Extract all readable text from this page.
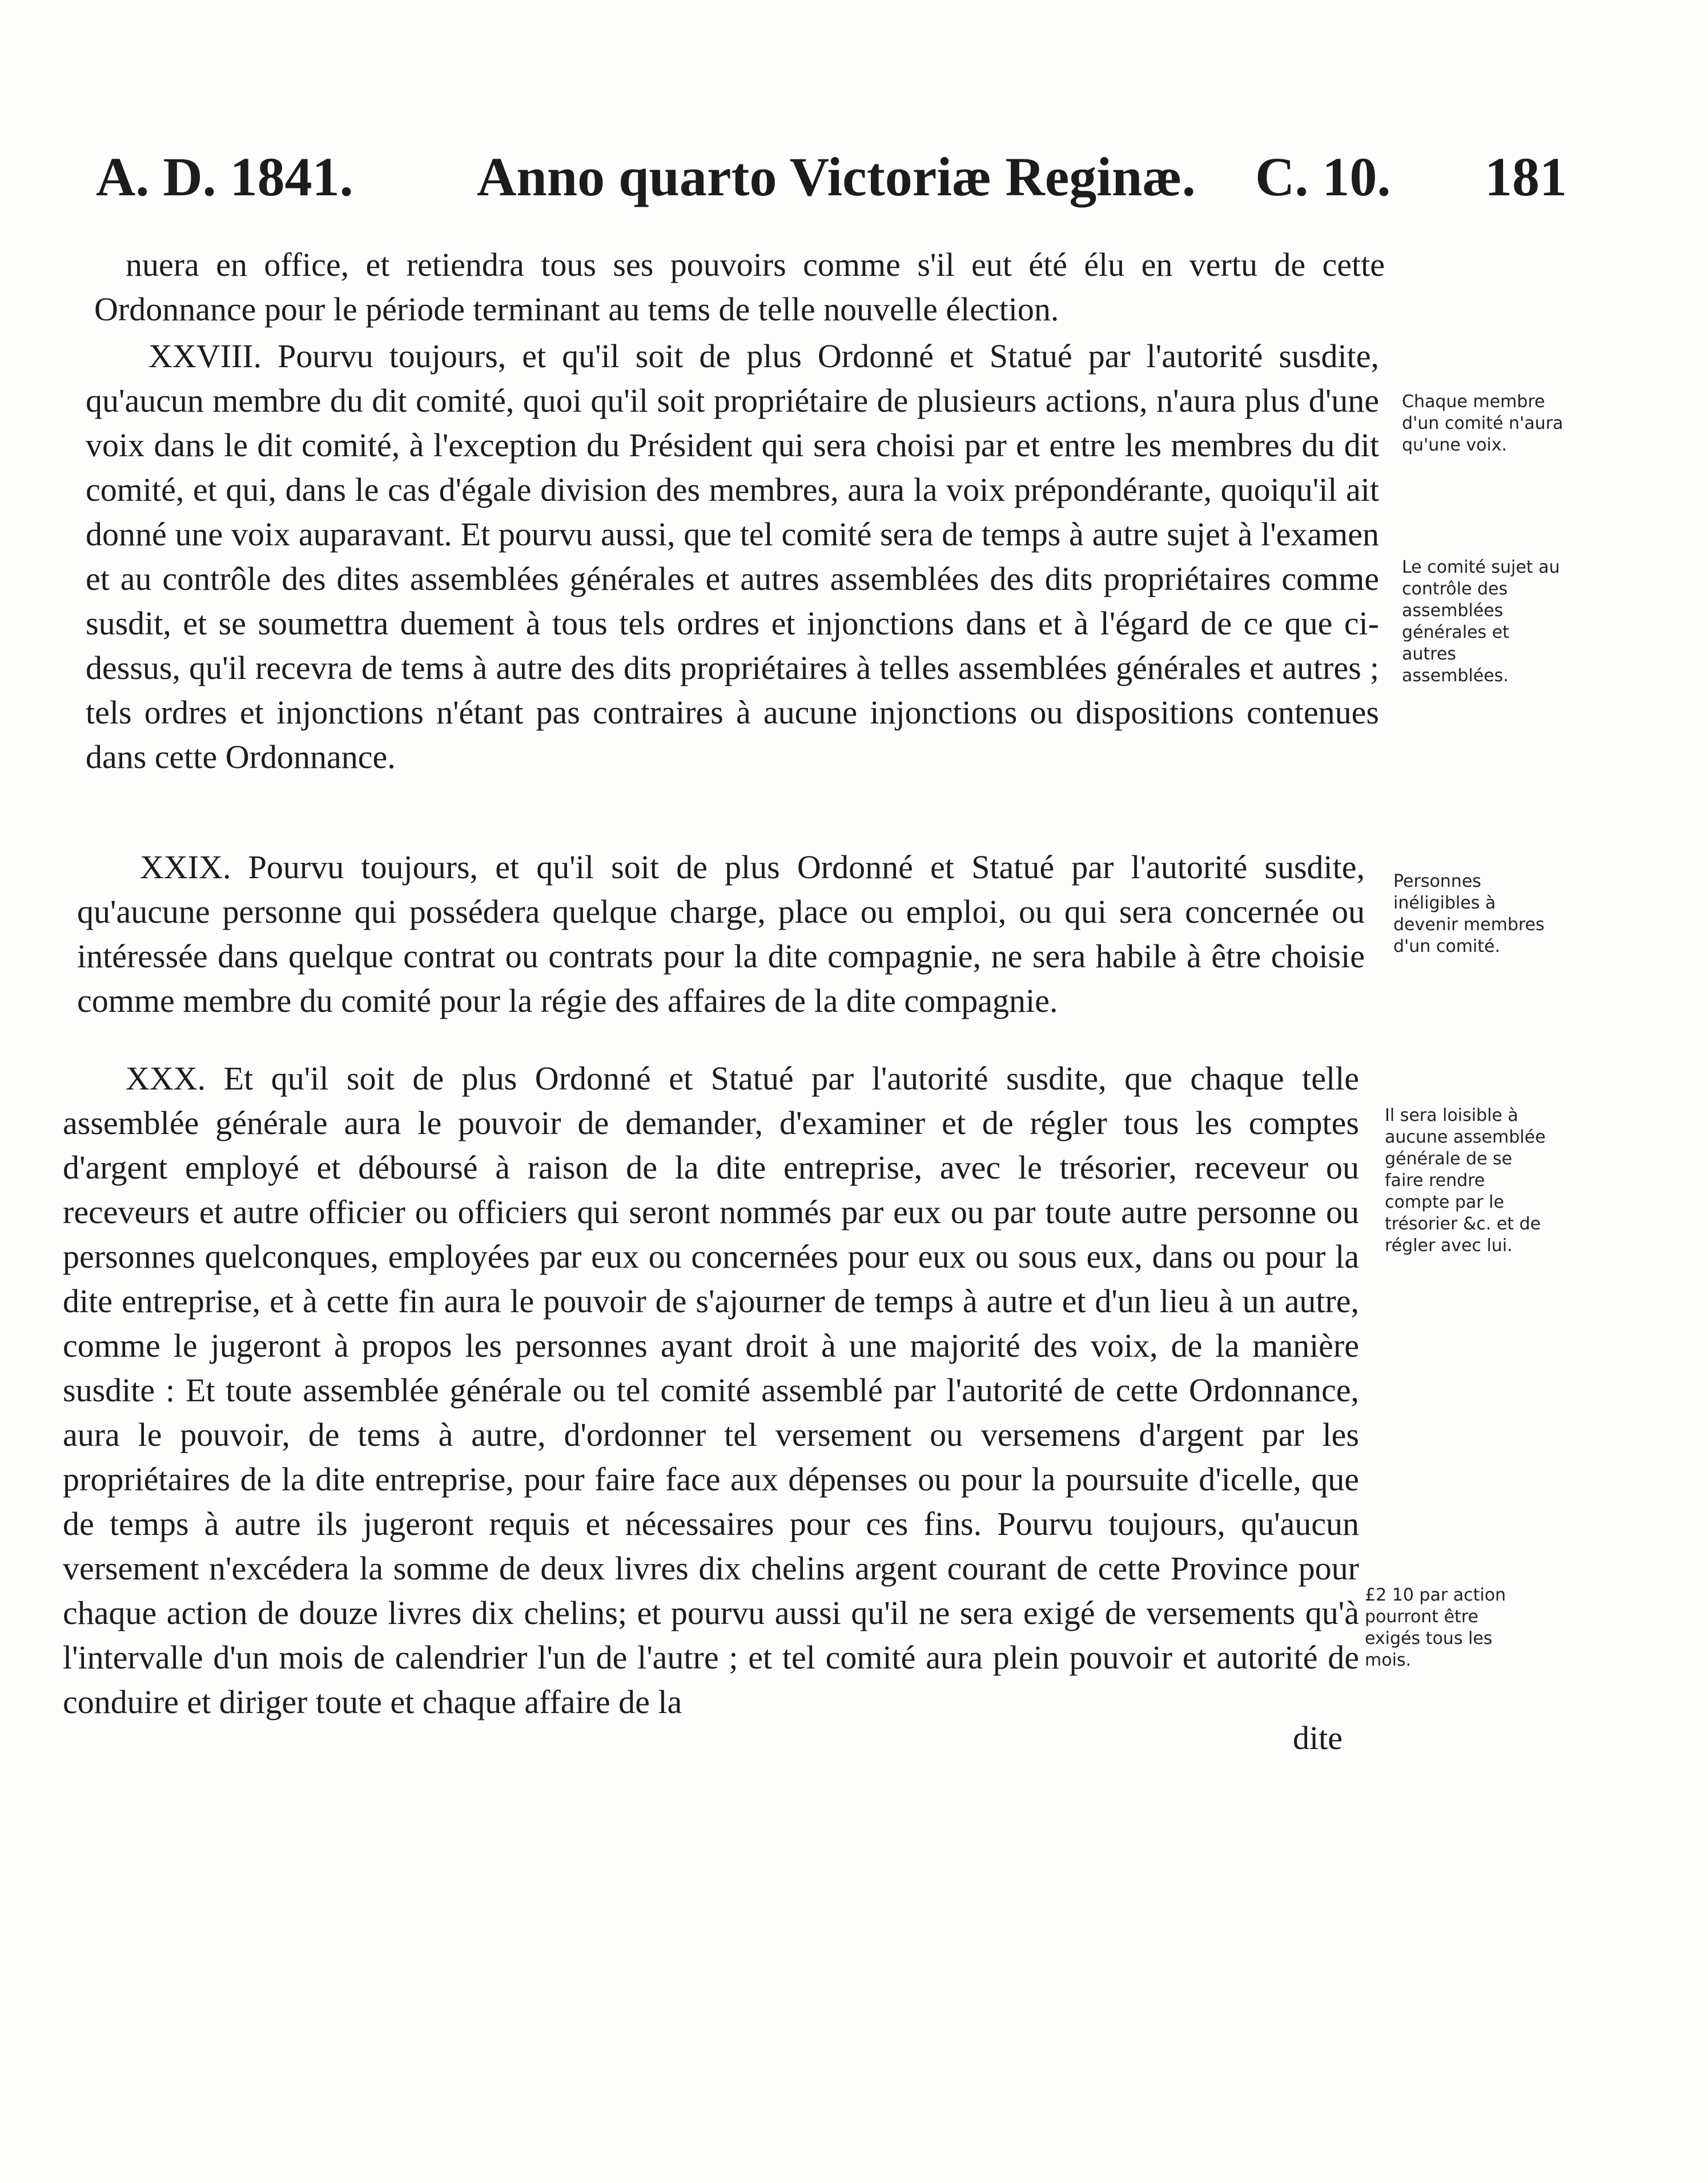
A. D. 1841. Anno quarto Victoriæ Reginæ. C. 10. 181

nuera en office, et retiendra tous ses pouvoirs comme s'il eut été élu en vertu de cette Ordonnance pour le période terminant au tems de telle nouvelle élection.

XXVIII. Pourvu toujours, et qu'il soit de plus Ordonné et Statué par l'autorité susdite, qu'aucun membre du dit comité, quoi qu'il soit propriétaire de plusieurs actions, n'aura plus d'une voix dans le dit comité, à l'exception du Président qui sera choisi par et entre les membres du dit comité, et qui, dans le cas d'égale division des membres, aura la voix prépondérante, quoiqu'il ait donné une voix auparavant. Et pourvu aussi, que tel comité sera de temps à autre sujet à l'examen et au contrôle des dites assemblées générales et autres assemblées des dits propriétaires comme susdit, et se soumettra duement à tous tels ordres et injonctions dans et à l'égard de ce que ci-dessus, qu'il recevra de tems à autre des dits propriétaires à telles assemblées générales et autres ; tels ordres et injonctions n'étant pas contraires à aucune injonctions ou dispositions contenues dans cette Ordonnance.

XXIX. Pourvu toujours, et qu'il soit de plus Ordonné et Statué par l'autorité susdite, qu'aucune personne qui possédera quelque charge, place ou emploi, ou qui sera concernée ou intéressée dans quelque contrat ou contrats pour la dite compagnie, ne sera habile à être choisie comme membre du comité pour la régie des affaires de la dite compagnie.

XXX. Et qu'il soit de plus Ordonné et Statué par l'autorité susdite, que chaque telle assemblée générale aura le pouvoir de demander, d'examiner et de régler tous les comptes d'argent employé et déboursé à raison de la dite entreprise, avec le trésorier, receveur ou receveurs et autre officier ou officiers qui seront nommés par eux ou par toute autre personne ou personnes quelconques, employées par eux ou concernées pour eux ou sous eux, dans ou pour la dite entreprise, et à cette fin aura le pouvoir de s'ajourner de temps à autre et d'un lieu à un autre, comme le jugeront à propos les personnes ayant droit à une majorité des voix, de la manière susdite : Et toute assemblée générale ou tel comité assemblé par l'autorité de cette Ordonnance, aura le pouvoir, de tems à autre, d'ordonner tel versement ou versemens d'argent par les propriétaires de la dite entreprise, pour faire face aux dépenses ou pour la poursuite d'icelle, que de temps à autre ils jugeront requis et nécessaires pour ces fins. Pourvu toujours, qu'aucun versement n'excédera la somme de deux livres dix chelins argent courant de cette Province pour chaque action de douze livres dix chelins; et pourvu aussi qu'il ne sera exigé de versements qu'à l'intervalle d'un mois de calendrier l'un de l'autre ; et tel comité aura plein pouvoir et autorité de conduire et diriger toute et chaque affaire de la

dite
Chaque membre d'un comité n'aura qu'une voix.
Le comité sujet au contrôle des assemblées générales et autres assemblées.
Personnes inéligibles à devenir membres d'un comité.
Il sera loisible à aucune assemblée générale de se faire rendre compte par le trésorier &c. et de régler avec lui.
£2 10 par action pourront être exigés tous les mois.
